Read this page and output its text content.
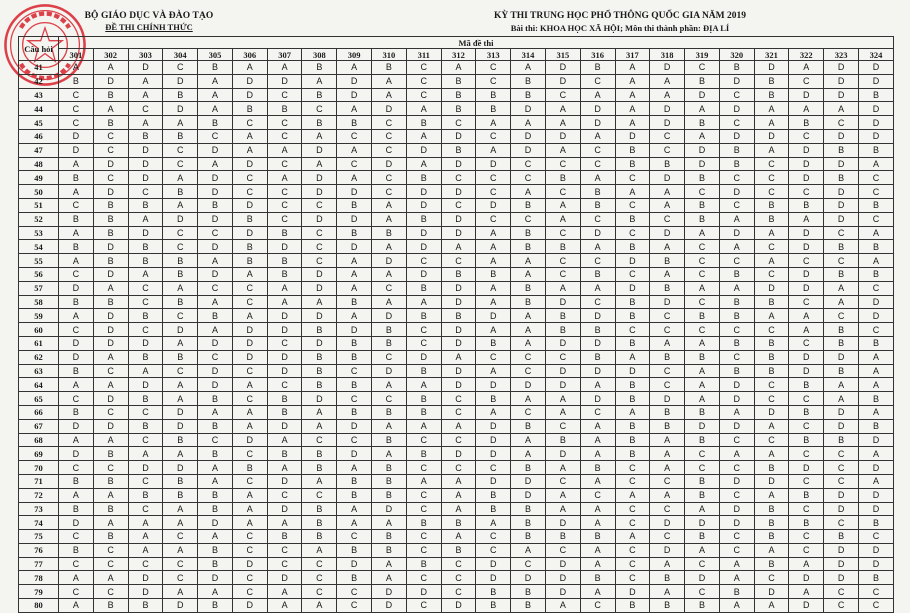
BỘ GIÁO DỤC VÀ ĐÀO TẠO
ĐỀ THI CHÍNH THỨC
KỲ THI TRUNG HỌC PHỔ THÔNG QUỐC GIA NĂM 2019
Bài thi: KHOA HỌC XÃ HỘI; Môn thi thành phần: ĐỊA LÍ
Câu hỏi	Mã đề thi																							
	301	302	303	304	305	306	307	308	309	310	311	312	313	314	315	316	317	318	319	320	321	322	323	324
41	A	A	D	C	B	A	A	B	A	B	C	A	C	A	D	B	A	D	C	B	D	A	D	D
42	B	D	A	D	A	D	D	A	D	A	C	B	C	B	D	C	A	A	B	D	B	C	D	D
43	C	B	A	B	A	D	C	B	D	A	C	B	B	B	C	A	A	A	D	C	B	D	D	B
44	C	A	C	D	A	B	B	C	A	D	A	B	B	D	A	D	A	D	A	D	A	A	A	D
45	C	B	A	A	B	C	C	B	B	C	B	C	A	A	A	D	A	D	B	C	A	B	C	D
46	D	C	B	B	C	A	C	A	C	C	A	D	C	D	D	A	D	C	A	D	D	C	D	D
47	D	C	D	C	D	A	A	D	A	C	D	B	A	D	A	C	B	C	D	B	A	D	B	B
48	A	D	D	C	A	D	C	A	C	D	A	D	D	C	C	C	B	B	D	B	C	D	D	A
49	B	C	D	A	D	C	A	D	A	C	B	C	C	C	B	A	C	D	B	C	C	D	B	C
50	A	D	C	B	D	C	C	D	D	C	D	D	C	A	C	B	A	A	C	D	C	C	D	C
51	C	B	B	A	B	D	C	C	B	A	D	C	D	B	A	B	C	A	B	C	B	B	D	B
52	B	B	A	D	D	B	C	D	D	A	B	D	C	C	A	C	B	C	B	A	B	A	D	C
53	A	B	D	C	C	D	B	C	B	B	D	D	A	B	C	D	C	D	A	D	A	D	C	A
54	B	D	B	C	D	B	D	C	D	A	D	A	A	B	B	A	B	A	C	A	C	D	B	B
55	A	B	B	B	A	B	B	C	A	D	C	C	A	A	C	C	D	B	C	C	A	C	C	A
56	C	D	A	B	D	A	B	D	A	A	D	B	B	A	C	B	C	A	C	B	C	D	B	B
57	D	A	C	A	C	C	A	D	A	C	B	D	A	B	A	A	D	B	A	A	D	D	A	C
58	B	B	C	B	A	C	A	A	B	A	A	D	A	B	D	C	B	D	C	B	B	C	A	D
59	A	D	B	C	B	A	D	D	A	D	B	B	D	A	B	D	B	C	B	B	A	A	C	D
60	C	D	C	D	A	D	D	B	D	B	C	D	A	A	B	B	C	C	C	C	C	A	B	C
61	D	D	D	A	D	D	C	D	B	B	C	D	B	A	D	D	B	A	A	B	B	C	B	B
62	D	A	B	B	C	D	D	B	B	C	D	A	C	C	C	B	A	B	B	C	B	D	D	A
63	B	C	A	C	D	C	D	B	C	D	B	D	A	C	D	D	D	C	A	B	B	D	B	A
64	A	A	D	A	D	A	C	B	B	A	A	D	D	D	D	A	B	C	A	D	C	B	A	A
65	C	D	B	A	B	C	B	D	C	C	B	C	B	A	A	D	B	D	A	D	C	C	A	B
66	B	C	C	D	A	A	B	A	B	B	B	C	A	C	A	C	A	B	B	A	D	B	D	A
67	D	D	B	D	B	A	D	A	D	A	A	A	D	B	C	A	B	B	D	D	A	C	D	B
68	A	A	C	B	C	D	A	C	C	B	C	C	D	A	B	A	B	A	B	C	C	B	B	D
69	D	B	A	A	B	C	B	B	D	A	B	D	D	A	D	A	B	A	C	A	A	C	C	A
70	C	C	D	D	A	B	A	B	A	B	C	C	C	B	A	B	C	A	C	C	B	D	C	D
71	B	B	C	B	A	C	D	A	B	B	A	A	D	D	C	A	C	C	B	D	D	C	C	A
72	A	A	B	B	B	A	C	C	B	B	C	A	B	D	A	C	A	A	B	C	A	B	D	D
73	B	B	C	A	B	A	D	B	A	D	C	A	B	B	A	A	C	C	A	D	B	C	D	D
74	D	A	A	A	D	A	A	B	A	A	B	B	A	B	D	A	C	D	D	D	B	B	C	B
75	C	B	A	C	A	C	B	B	C	B	C	A	C	B	B	B	A	C	B	C	B	C	B	C
76	B	C	A	A	B	C	C	A	B	B	C	B	C	A	C	A	C	D	A	C	A	C	D	D
77	C	C	C	C	B	D	C	C	D	A	B	C	D	C	D	A	C	A	C	A	B	A	D	D
78	A	A	D	C	D	C	D	C	B	A	C	C	D	D	D	B	C	B	D	A	C	D	D	B
79	C	C	D	A	A	C	A	C	C	D	D	C	B	B	D	A	D	A	C	B	D	A	C	C
80	A	B	B	D	B	D	A	A	C	D	C	D	B	B	A	C	B	B	B	A	A	D	C	C
